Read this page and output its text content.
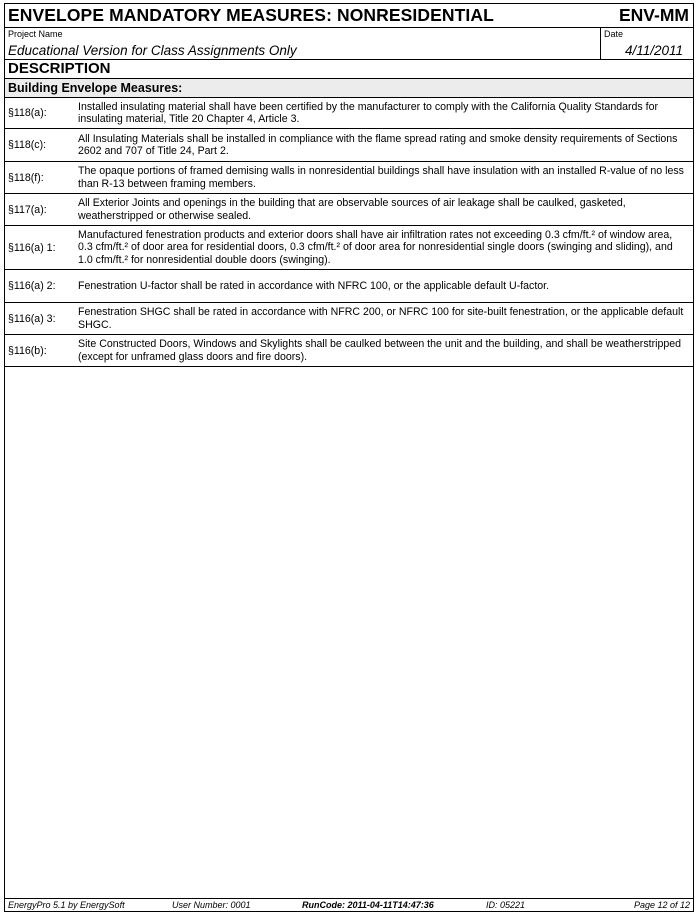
ENVELOPE MANDATORY MEASURES: NONRESIDENTIAL	ENV-MM
Project Name
Educational Version for Class Assignments Only
Date
4/11/2011
DESCRIPTION
Building Envelope Measures:
§118(a):
Installed insulating material shall have been certified by the manufacturer to comply with the California Quality Standards for insulating material, Title 20 Chapter 4, Article 3.
§118(c):
All Insulating Materials shall be installed in compliance with the flame spread rating and smoke density requirements of Sections 2602 and 707 of Title 24, Part 2.
§118(f):
The opaque portions of framed demising walls in nonresidential buildings shall have insulation with an installed R-value of no less than R-13 between framing members.
§117(a):
All Exterior Joints and openings in the building that are observable sources of air leakage shall be caulked, gasketed, weatherstripped or otherwise sealed.
§116(a) 1:
Manufactured fenestration products and exterior doors shall have air infiltration rates not exceeding 0.3 cfm/ft.² of window area, 0.3 cfm/ft.² of door area for residential doors, 0.3 cfm/ft.² of door area for nonresidential single doors (swinging and sliding), and 1.0 cfm/ft.² for nonresidential double doors (swinging).
§116(a) 2:	Fenestration U-factor shall be rated in accordance with NFRC 100, or the applicable default U-factor.
§116(a) 3:
Fenestration SHGC shall be rated in accordance with NFRC 200, or NFRC 100 for site-built fenestration, or the applicable default SHGC.
§116(b):
Site Constructed Doors, Windows and Skylights shall be caulked between the unit and the building, and shall be weatherstripped (except for unframed glass doors and fire doors).
EnergyPro 5.1 by EnergySoft	User Number: 0001	RunCode: 2011-04-11T14:47:36	ID: 05221	Page 12 of 12
